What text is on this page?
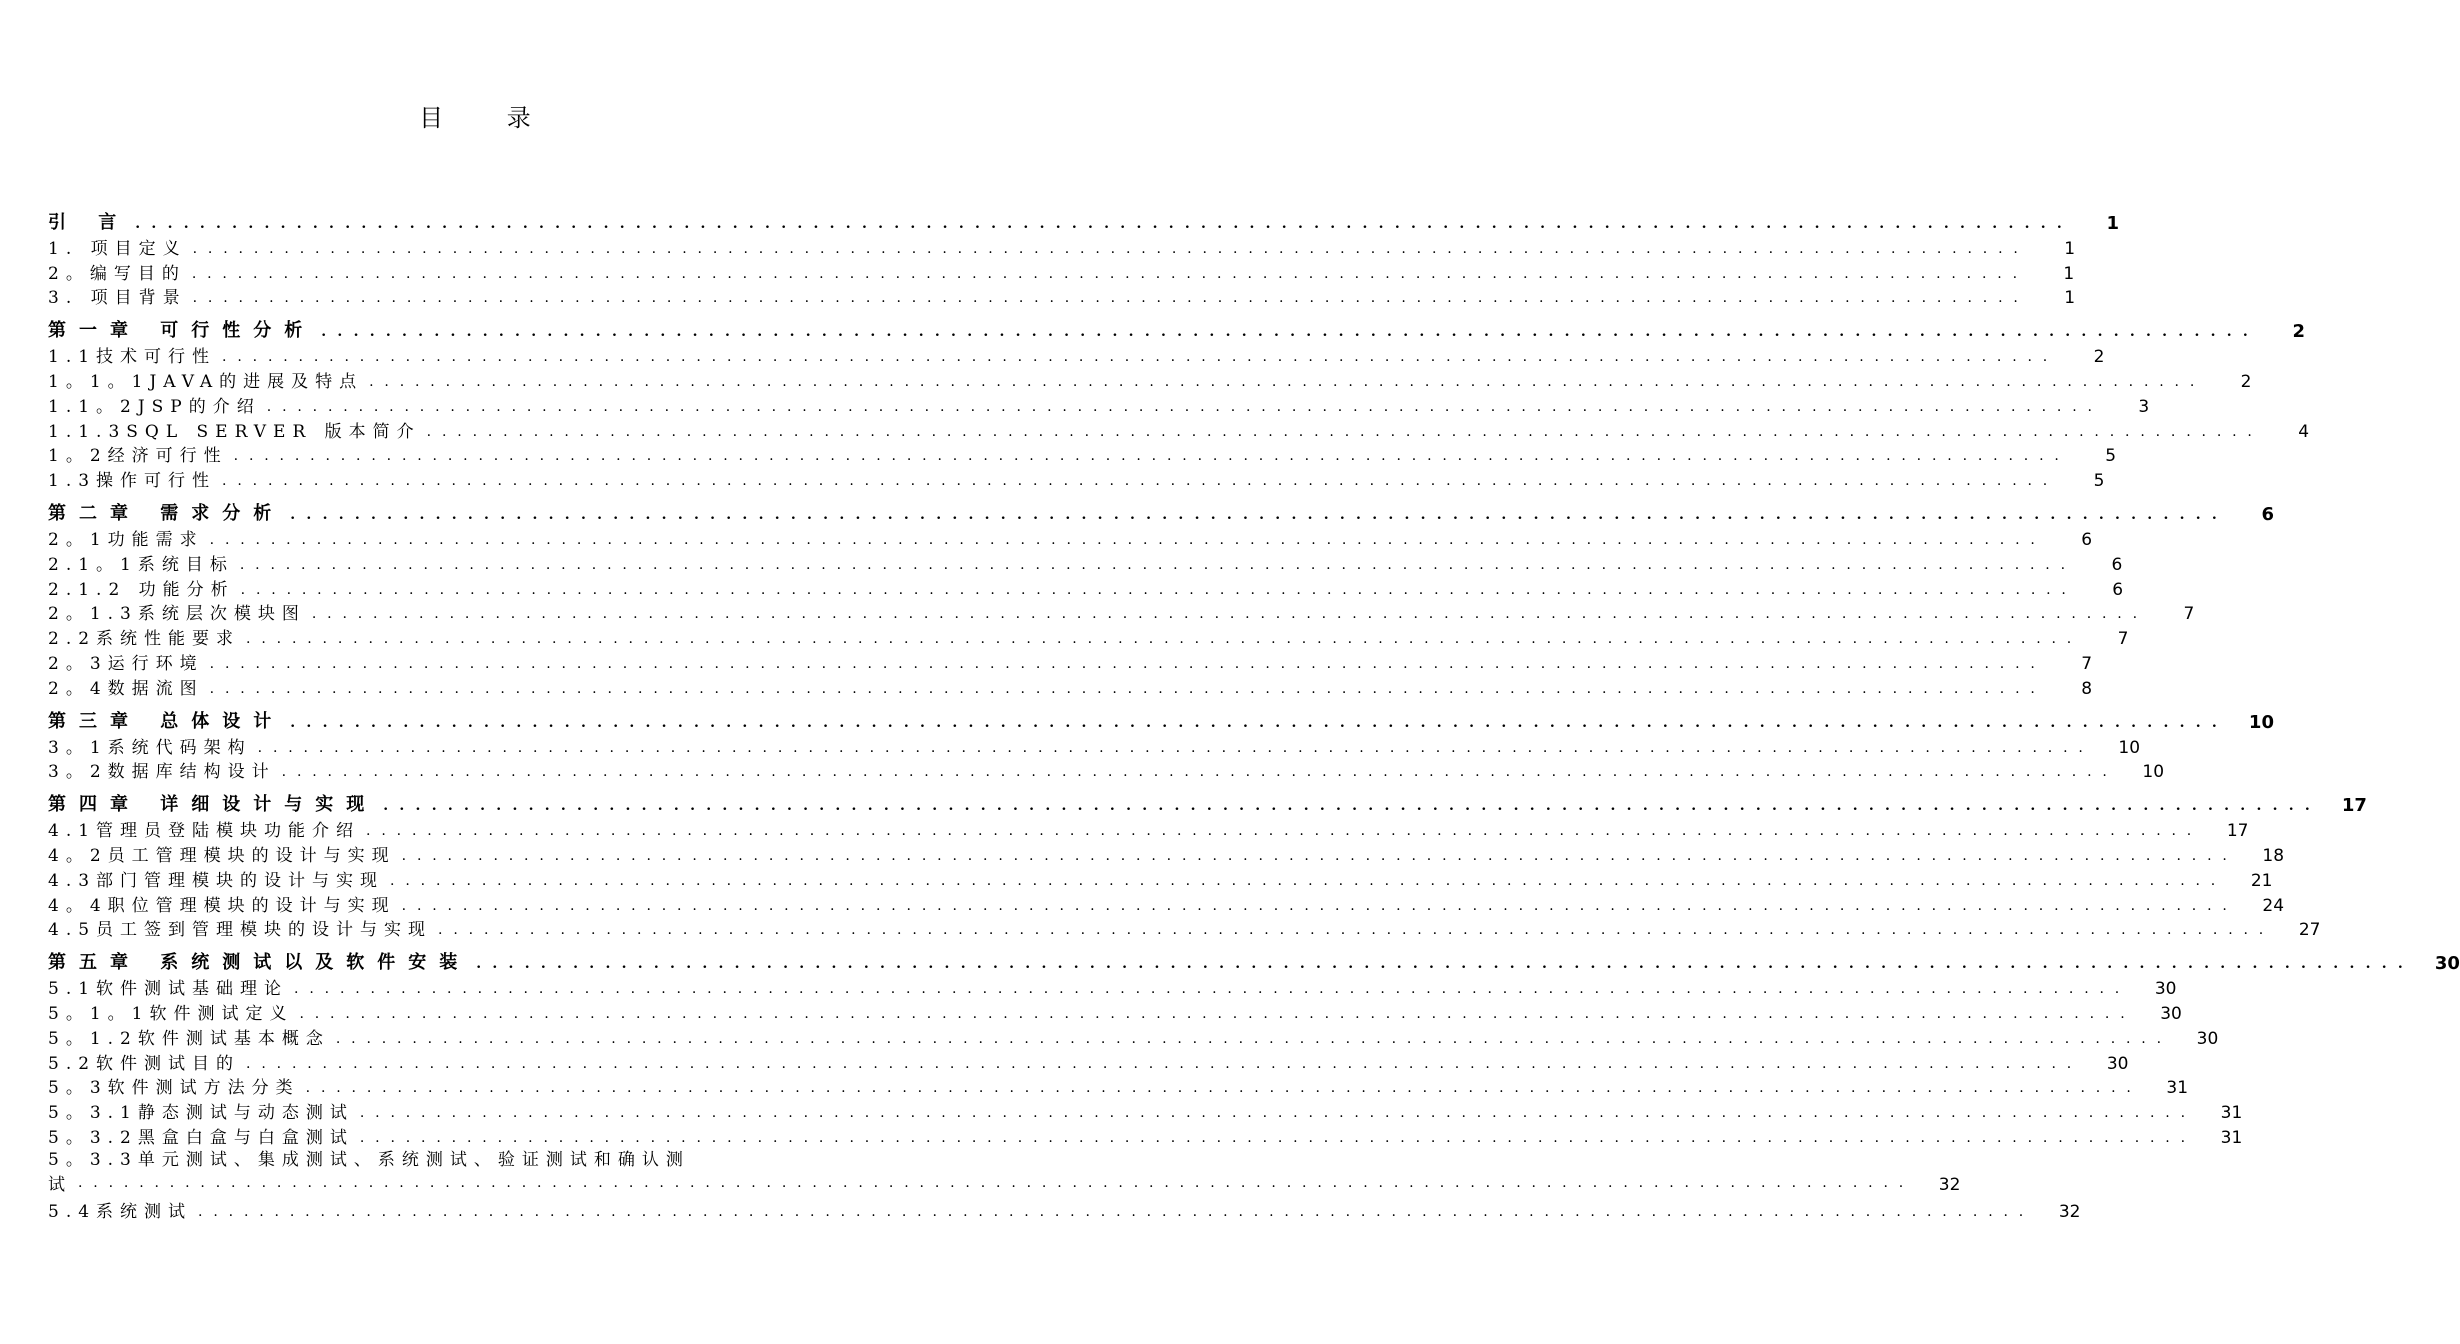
目 录
引 言 . . . . . . . . . . . . . . . . . . . . . . . . . . . . . . . . . . . . . . . . . . . . . . . . . . . . . . . . . . . . . . . . . . . . . . . . . . . . . . . . . . . . . . . . . . . . . . . . . . . . . . . . . . . . . . . . . . . . . . . .	1
1. 项目定义 . . . . . . . . . . . . . . . . . . . . . . . . . . . . . . . . . . . . . . . . . . . . . . . . . . . . . . . . . . . . . . . . . . . . . . . . . . . . . . . . . . . . . . . . . . . . . . . . . . . . . . . . . . . . . . . . . . . . . . . .	1
2。编写目的 . . . . . . . . . . . . . . . . . . . . . . . . . . . . . . . . . . . . . . . . . . . . . . . . . . . . . . . . . . . . . . . . . . . . . . . . . . . . . . . . . . . . . . . . . . . . . . . . . . . . . . . . . . . . . . . . . . . . . . . .	1
3. 项目背景 . . . . . . . . . . . . . . . . . . . . . . . . . . . . . . . . . . . . . . . . . . . . . . . . . . . . . . . . . . . . . . . . . . . . . . . . . . . . . . . . . . . . . . . . . . . . . . . . . . . . . . . . . . . . . . . . . . . . . . . .	1
第一章 可行性分析 . . . . . . . . . . . . . . . . . . . . . . . . . . . . . . . . . . . . . . . . . . . . . . . . . . . . . . . . . . . . . . . . . . . . . . . . . . . . . . . . . . . . . . . . . . . . . . . . . . . . . . . . . . . . . . . . . . . . . . . .	2
1.1技术可行性 . . . . . . . . . . . . . . . . . . . . . . . . . . . . . . . . . . . . . . . . . . . . . . . . . . . . . . . . . . . . . . . . . . . . . . . . . . . . . . . . . . . . . . . . . . . . . . . . . . . . . . . . . . . . . . . . . . . . . . . .	2
1。1。1JAVA的进展及特点 . . . . . . . . . . . . . . . . . . . . . . . . . . . . . . . . . . . . . . . . . . . . . . . . . . . . . . . . . . . . . . . . . . . . . . . . . . . . . . . . . . . . . . . . . . . . . . . . . . . . . . . . . . . . . . . . . . . . . . . .	2
1.1。2JSP的介绍 . . . . . . . . . . . . . . . . . . . . . . . . . . . . . . . . . . . . . . . . . . . . . . . . . . . . . . . . . . . . . . . . . . . . . . . . . . . . . . . . . . . . . . . . . . . . . . . . . . . . . . . . . . . . . . . . . . . . . . . .	3
1.1.3SQL SERVER 版本简介 . . . . . . . . . . . . . . . . . . . . . . . . . . . . . . . . . . . . . . . . . . . . . . . . . . . . . . . . . . . . . . . . . . . . . . . . . . . . . . . . . . . . . . . . . . . . . . . . . . . . . . . . . . . . . . . . . . . . . . . .	4
1。2经济可行性 . . . . . . . . . . . . . . . . . . . . . . . . . . . . . . . . . . . . . . . . . . . . . . . . . . . . . . . . . . . . . . . . . . . . . . . . . . . . . . . . . . . . . . . . . . . . . . . . . . . . . . . . . . . . . . . . . . . . . . . .	5
1.3操作可行性 . . . . . . . . . . . . . . . . . . . . . . . . . . . . . . . . . . . . . . . . . . . . . . . . . . . . . . . . . . . . . . . . . . . . . . . . . . . . . . . . . . . . . . . . . . . . . . . . . . . . . . . . . . . . . . . . . . . . . . . .	5
第二章 需求分析 . . . . . . . . . . . . . . . . . . . . . . . . . . . . . . . . . . . . . . . . . . . . . . . . . . . . . . . . . . . . . . . . . . . . . . . . . . . . . . . . . . . . . . . . . . . . . . . . . . . . . . . . . . . . . . . . . . . . . . . .	6
2。1功能需求 . . . . . . . . . . . . . . . . . . . . . . . . . . . . . . . . . . . . . . . . . . . . . . . . . . . . . . . . . . . . . . . . . . . . . . . . . . . . . . . . . . . . . . . . . . . . . . . . . . . . . . . . . . . . . . . . . . . . . . . .	6
2.1。1系统目标 . . . . . . . . . . . . . . . . . . . . . . . . . . . . . . . . . . . . . . . . . . . . . . . . . . . . . . . . . . . . . . . . . . . . . . . . . . . . . . . . . . . . . . . . . . . . . . . . . . . . . . . . . . . . . . . . . . . . . . . .	6
2.1.2 功能分析 . . . . . . . . . . . . . . . . . . . . . . . . . . . . . . . . . . . . . . . . . . . . . . . . . . . . . . . . . . . . . . . . . . . . . . . . . . . . . . . . . . . . . . . . . . . . . . . . . . . . . . . . . . . . . . . . . . . . . . . .	6
2。1.3系统层次模块图 . . . . . . . . . . . . . . . . . . . . . . . . . . . . . . . . . . . . . . . . . . . . . . . . . . . . . . . . . . . . . . . . . . . . . . . . . . . . . . . . . . . . . . . . . . . . . . . . . . . . . . . . . . . . . . . . . . . . . . . .	7
2.2系统性能要求 . . . . . . . . . . . . . . . . . . . . . . . . . . . . . . . . . . . . . . . . . . . . . . . . . . . . . . . . . . . . . . . . . . . . . . . . . . . . . . . . . . . . . . . . . . . . . . . . . . . . . . . . . . . . . . . . . . . . . . . .	7
2。3运行环境 . . . . . . . . . . . . . . . . . . . . . . . . . . . . . . . . . . . . . . . . . . . . . . . . . . . . . . . . . . . . . . . . . . . . . . . . . . . . . . . . . . . . . . . . . . . . . . . . . . . . . . . . . . . . . . . . . . . . . . . .	7
2。4数据流图 . . . . . . . . . . . . . . . . . . . . . . . . . . . . . . . . . . . . . . . . . . . . . . . . . . . . . . . . . . . . . . . . . . . . . . . . . . . . . . . . . . . . . . . . . . . . . . . . . . . . . . . . . . . . . . . . . . . . . . . .	8
第三章 总体设计 . . . . . . . . . . . . . . . . . . . . . . . . . . . . . . . . . . . . . . . . . . . . . . . . . . . . . . . . . . . . . . . . . . . . . . . . . . . . . . . . . . . . . . . . . . . . . . . . . . . . . . . . . . . . . . . . . . . . . . . .	10
3。1系统代码架构 . . . . . . . . . . . . . . . . . . . . . . . . . . . . . . . . . . . . . . . . . . . . . . . . . . . . . . . . . . . . . . . . . . . . . . . . . . . . . . . . . . . . . . . . . . . . . . . . . . . . . . . . . . . . . . . . . . . . . . . .	10
3。2数据库结构设计 . . . . . . . . . . . . . . . . . . . . . . . . . . . . . . . . . . . . . . . . . . . . . . . . . . . . . . . . . . . . . . . . . . . . . . . . . . . . . . . . . . . . . . . . . . . . . . . . . . . . . . . . . . . . . . . . . . . . . . . .	10
第四章 详细设计与实现 . . . . . . . . . . . . . . . . . . . . . . . . . . . . . . . . . . . . . . . . . . . . . . . . . . . . . . . . . . . . . . . . . . . . . . . . . . . . . . . . . . . . . . . . . . . . . . . . . . . . . . . . . . . . . . . . . . . . . . . .	17
4.1管理员登陆模块功能介绍 . . . . . . . . . . . . . . . . . . . . . . . . . . . . . . . . . . . . . . . . . . . . . . . . . . . . . . . . . . . . . . . . . . . . . . . . . . . . . . . . . . . . . . . . . . . . . . . . . . . . . . . . . . . . . . . . . . . . . . . .	17
4。2员工管理模块的设计与实现 . . . . . . . . . . . . . . . . . . . . . . . . . . . . . . . . . . . . . . . . . . . . . . . . . . . . . . . . . . . . . . . . . . . . . . . . . . . . . . . . . . . . . . . . . . . . . . . . . . . . . . . . . . . . . . . . . . . . . . . .	18
4.3部门管理模块的设计与实现 . . . . . . . . . . . . . . . . . . . . . . . . . . . . . . . . . . . . . . . . . . . . . . . . . . . . . . . . . . . . . . . . . . . . . . . . . . . . . . . . . . . . . . . . . . . . . . . . . . . . . . . . . . . . . . . . . . . . . . . .	21
4。4职位管理模块的设计与实现 . . . . . . . . . . . . . . . . . . . . . . . . . . . . . . . . . . . . . . . . . . . . . . . . . . . . . . . . . . . . . . . . . . . . . . . . . . . . . . . . . . . . . . . . . . . . . . . . . . . . . . . . . . . . . . . . . . . . . . . .	24
4.5员工签到管理模块的设计与实现 . . . . . . . . . . . . . . . . . . . . . . . . . . . . . . . . . . . . . . . . . . . . . . . . . . . . . . . . . . . . . . . . . . . . . . . . . . . . . . . . . . . . . . . . . . . . . . . . . . . . . . . . . . . . . . . . . . . . . . . .	27
第五章 系统测试以及软件安装 . . . . . . . . . . . . . . . . . . . . . . . . . . . . . . . . . . . . . . . . . . . . . . . . . . . . . . . . . . . . . . . . . . . . . . . . . . . . . . . . . . . . . . . . . . . . . . . . . . . . . . . . . . . . . . . . . . . . . . . .	30
5.1软件测试基础理论 . . . . . . . . . . . . . . . . . . . . . . . . . . . . . . . . . . . . . . . . . . . . . . . . . . . . . . . . . . . . . . . . . . . . . . . . . . . . . . . . . . . . . . . . . . . . . . . . . . . . . . . . . . . . . . . . . . . . . . . .	30
5。1。1软件测试定义 . . . . . . . . . . . . . . . . . . . . . . . . . . . . . . . . . . . . . . . . . . . . . . . . . . . . . . . . . . . . . . . . . . . . . . . . . . . . . . . . . . . . . . . . . . . . . . . . . . . . . . . . . . . . . . . . . . . . . . . .	30
5。1.2软件测试基本概念 . . . . . . . . . . . . . . . . . . . . . . . . . . . . . . . . . . . . . . . . . . . . . . . . . . . . . . . . . . . . . . . . . . . . . . . . . . . . . . . . . . . . . . . . . . . . . . . . . . . . . . . . . . . . . . . . . . . . . . . .	30
5.2软件测试目的 . . . . . . . . . . . . . . . . . . . . . . . . . . . . . . . . . . . . . . . . . . . . . . . . . . . . . . . . . . . . . . . . . . . . . . . . . . . . . . . . . . . . . . . . . . . . . . . . . . . . . . . . . . . . . . . . . . . . . . . .	30
5。3软件测试方法分类 . . . . . . . . . . . . . . . . . . . . . . . . . . . . . . . . . . . . . . . . . . . . . . . . . . . . . . . . . . . . . . . . . . . . . . . . . . . . . . . . . . . . . . . . . . . . . . . . . . . . . . . . . . . . . . . . . . . . . . . .	31
5。3.1静态测试与动态测试 . . . . . . . . . . . . . . . . . . . . . . . . . . . . . . . . . . . . . . . . . . . . . . . . . . . . . . . . . . . . . . . . . . . . . . . . . . . . . . . . . . . . . . . . . . . . . . . . . . . . . . . . . . . . . . . . . . . . . . . .	31
5。3.2黑盒白盒与白盒测试 . . . . . . . . . . . . . . . . . . . . . . . . . . . . . . . . . . . . . . . . . . . . . . . . . . . . . . . . . . . . . . . . . . . . . . . . . . . . . . . . . . . . . . . . . . . . . . . . . . . . . . . . . . . . . . . . . . . . . . . .	31
5。3.3单元测试、集成测试、系统测试、验证测试和确认测
试 . . . . . . . . . . . . . . . . . . . . . . . . . . . . . . . . . . . . . . . . . . . . . . . . . . . . . . . . . . . . . . . . . . . . . . . . . . . . . . . . . . . . . . . . . . . . . . . . . . . . . . . . . . . . . . . . . . . . . . . .	32
5.4系统测试 . . . . . . . . . . . . . . . . . . . . . . . . . . . . . . . . . . . . . . . . . . . . . . . . . . . . . . . . . . . . . . . . . . . . . . . . . . . . . . . . . . . . . . . . . . . . . . . . . . . . . . . . . . . . . . . . . . . . . . . .	32
